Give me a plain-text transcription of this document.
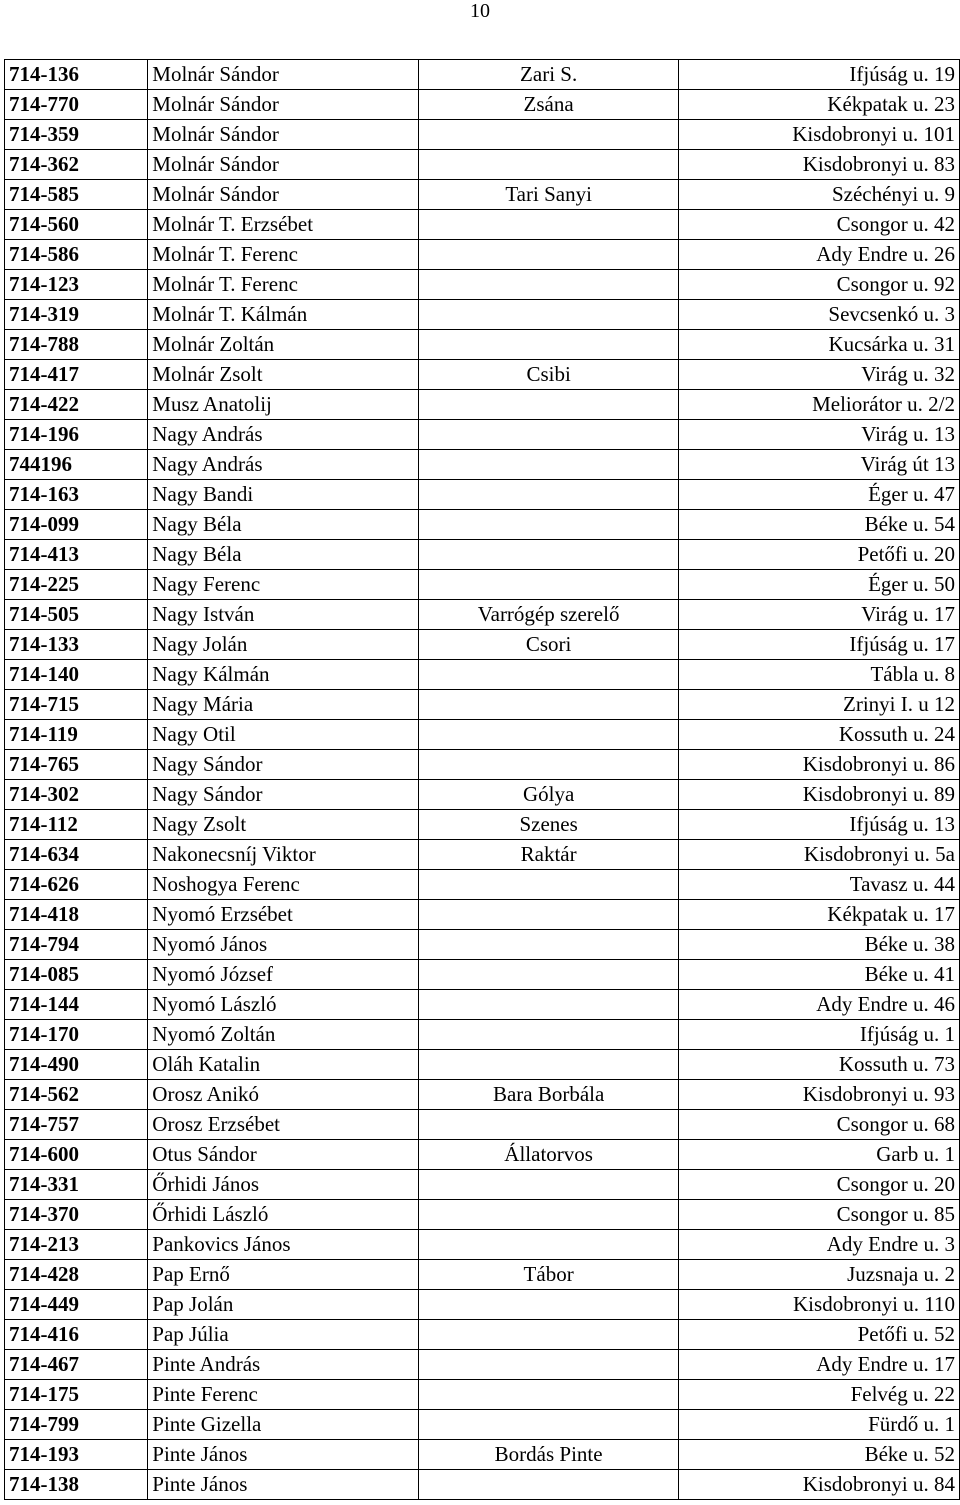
10
714-136	Molnár Sándor	Zari S.	Ifjúság u. 19
714-770	Molnár Sándor	Zsána	Kékpatak u. 23
714-359	Molnár Sándor		Kisdobronyi u. 101
714-362	Molnár Sándor		Kisdobronyi u. 83
714-585	Molnár Sándor	Tari Sanyi	Széchényi u. 9
714-560	Molnár T. Erzsébet		Csongor u. 42
714-586	Molnár T. Ferenc		Ady Endre u. 26
714-123	Molnár T. Ferenc		Csongor u. 92
714-319	Molnár T. Kálmán		Sevcsenkó u. 3
714-788	Molnár Zoltán		Kucsárka u. 31
714-417	Molnár Zsolt	Csibi	Virág u. 32
714-422	Musz Anatolij		Meliorátor u. 2/2
714-196	Nagy András		Virág u. 13
744196	Nagy András		Virág út 13
714-163	Nagy Bandi		Éger u. 47
714-099	Nagy Béla		Béke u. 54
714-413	Nagy Béla		Petőfi u. 20
714-225	Nagy Ferenc		Éger u. 50
714-505	Nagy István	Varrógép szerelő	Virág u. 17
714-133	Nagy Jolán	Csori	Ifjúság u. 17
714-140	Nagy Kálmán		Tábla u. 8
714-715	Nagy Mária		Zrinyi I. u 12
714-119	Nagy Otil		Kossuth u. 24
714-765	Nagy Sándor		Kisdobronyi u. 86
714-302	Nagy Sándor	Gólya	Kisdobronyi u. 89
714-112	Nagy Zsolt	Szenes	Ifjúság u. 13
714-634	Nakonecsníj Viktor	Raktár	Kisdobronyi u. 5a
714-626	Noshogya Ferenc		Tavasz u. 44
714-418	Nyomó Erzsébet		Kékpatak u. 17
714-794	Nyomó János		Béke u. 38
714-085	Nyomó József		Béke u. 41
714-144	Nyomó László		Ady Endre u. 46
714-170	Nyomó Zoltán		Ifjúság u. 1
714-490	Oláh Katalin		Kossuth u. 73
714-562	Orosz Anikó	Bara Borbála	Kisdobronyi u. 93
714-757	Orosz Erzsébet		Csongor u. 68
714-600	Otus Sándor	Állatorvos	Garb u. 1
714-331	Őrhidi János		Csongor u. 20
714-370	Őrhidi László		Csongor u. 85
714-213	Pankovics János		Ady Endre u. 3
714-428	Pap Ernő	Tábor	Juzsnaja u. 2
714-449	Pap Jolán		Kisdobronyi u. 110
714-416	Pap Júlia		Petőfi u. 52
714-467	Pinte András		Ady Endre u. 17
714-175	Pinte Ferenc		Felvég u. 22
714-799	Pinte Gizella		Fürdő u. 1
714-193	Pinte János	Bordás Pinte	Béke u. 52
714-138	Pinte János		Kisdobronyi u. 84
